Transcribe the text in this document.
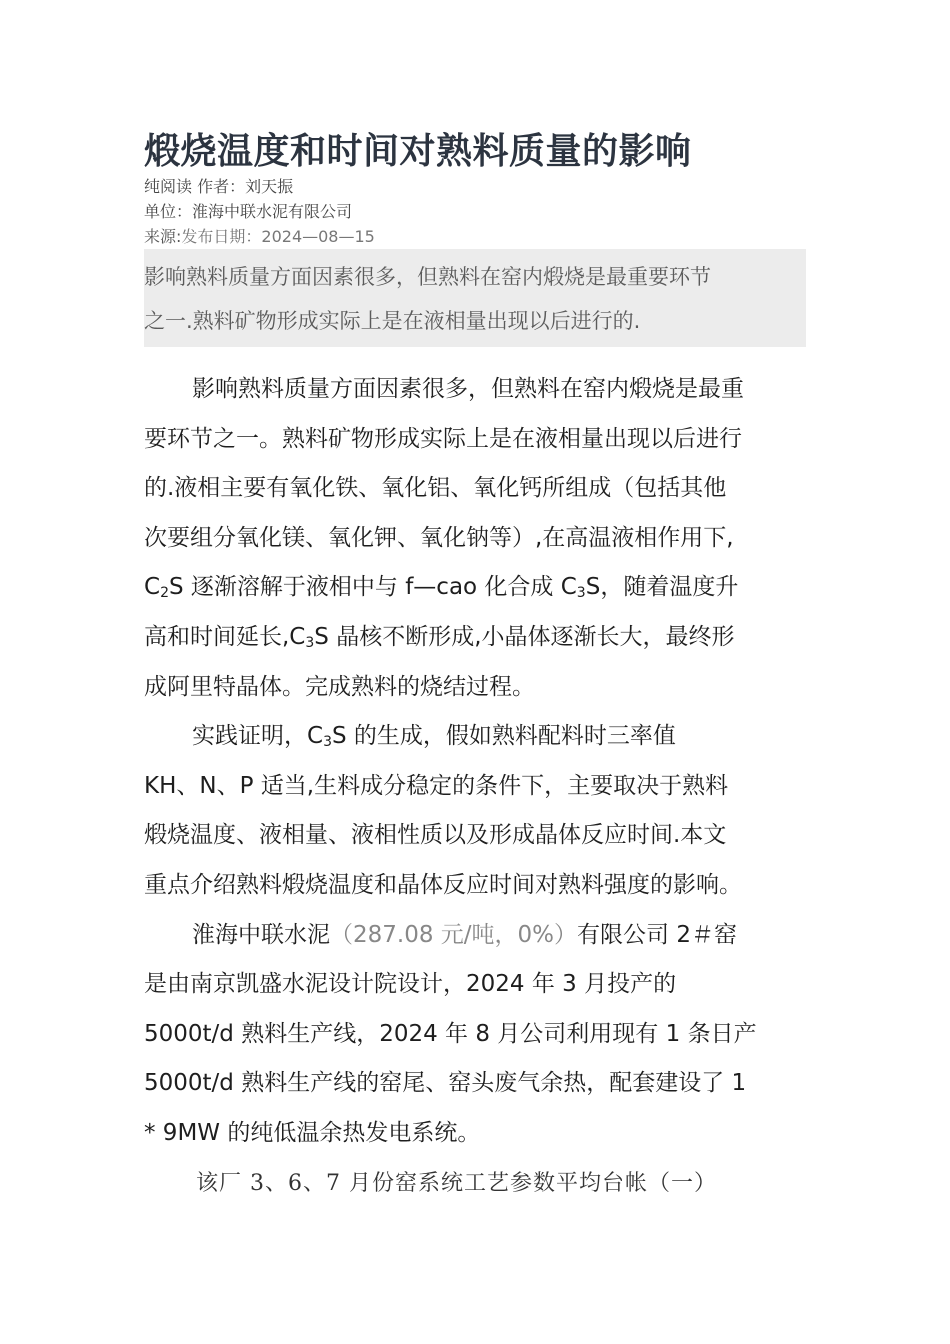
煅烧温度和时间对熟料质量的影响
纯阅读 作者：刘天振
单位：淮海中联水泥有限公司
来源:发布日期：2024—08—15
影响熟料质量方面因素很多，但熟料在窑内煅烧是最重要环节
之一.熟料矿物形成实际上是在液相量出现以后进行的.
影响熟料质量方面因素很多，但熟料在窑内煅烧是最重
要环节之一。熟料矿物形成实际上是在液相量出现以后进行
的.液相主要有氧化铁、氧化铝、氧化钙所组成（包括其他
次要组分氧化镁、氧化钾、氧化钠等）,在高温液相作用下,
$C_2S$ 逐渐溶解于液相中与 f—cao 化合成 $C_3S$，随着温度升
高和时间延长$,C_3S$ 晶核不断形成,小晶体逐渐长大，最终形
成阿里特晶体。完成熟料的烧结过程。
实践证明，$C_3S$ 的生成，假如熟料配料时三率值
KH、N、P 适当,生料成分稳定的条件下，主要取决于熟料
煅烧温度、液相量、液相性质以及形成晶体反应时间.本文
重点介绍熟料煅烧温度和晶体反应时间对熟料强度的影响。
淮海中联水泥（287.08 元/吨，0%）有限公司 2＃窑
是由南京凯盛水泥设计院设计，2024 年 3 月投产的
5000t/d 熟料生产线，2024 年 8 月公司利用现有 1 条日产
5000t/d 熟料生产线的窑尾、窑头废气余热，配套建设了 1
* 9MW 的纯低温余热发电系统。
该厂 3、6、7 月份窑系统工艺参数平均台帐（一）
